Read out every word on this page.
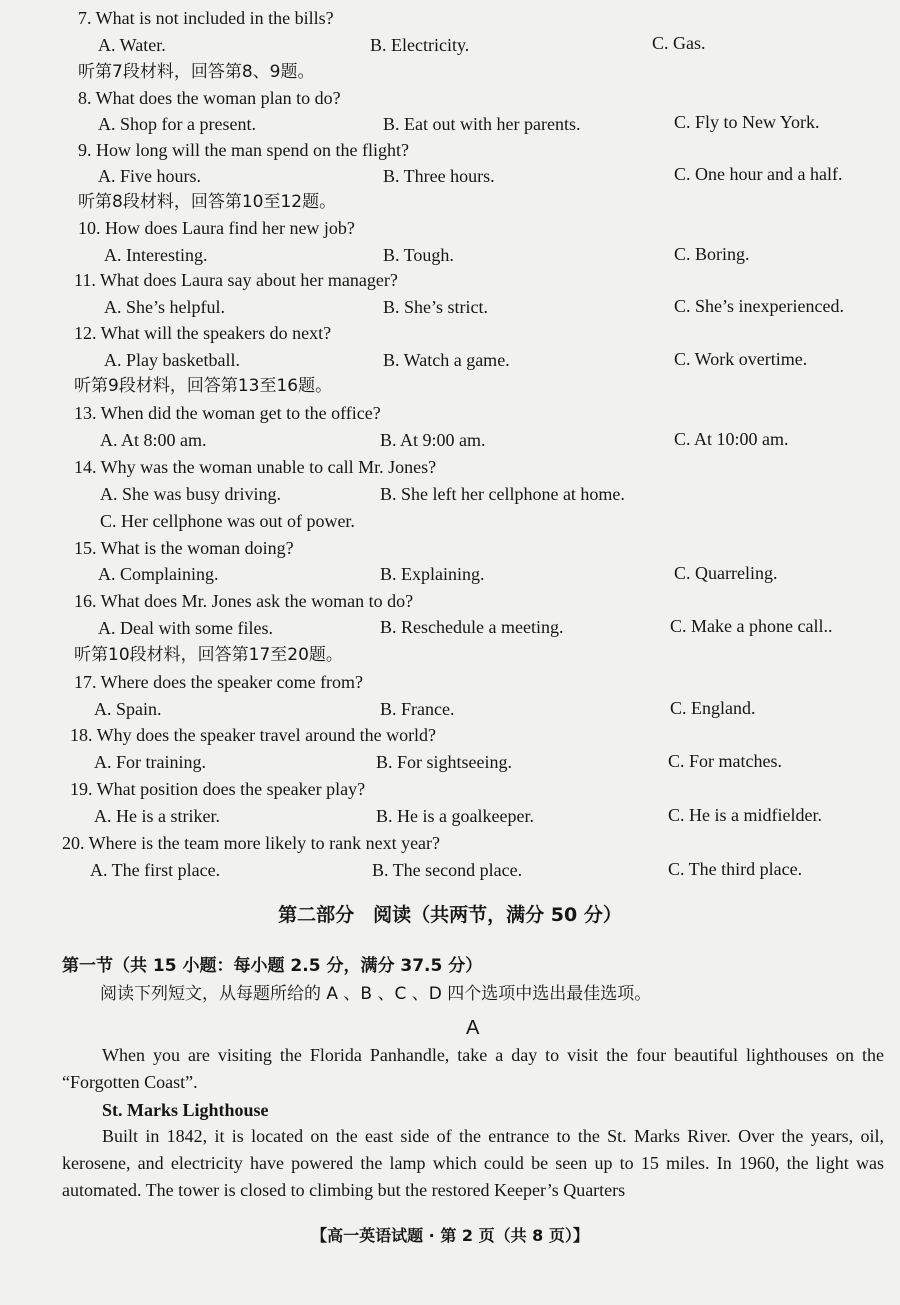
7. What is not included in the bills?
A. Water.	B. Electricity.	C. Gas.
听第7段材料，回答第8、9题。
8. What does the woman plan to do?
A. Shop for a present.	B. Eat out with her parents.	C. Fly to New York.
9. How long will the man spend on the flight?
A. Five hours.	B. Three hours.	C. One hour and a half.
听第8段材料，回答第10至12题。
10. How does Laura find her new job?
A. Interesting.	B. Tough.	C. Boring.
11. What does Laura say about her manager?
A. She’s helpful.	B. She’s strict.	C. She’s inexperienced.
12. What will the speakers do next?
A. Play basketball.	B. Watch a game.	C. Work overtime.
听第9段材料，回答第13至16题。
13. When did the woman get to the office?
A. At 8:00 am.	B. At 9:00 am.	C. At 10:00 am.
14. Why was the woman unable to call Mr. Jones?
A. She was busy driving.	B. She left her cellphone at home.
C. Her cellphone was out of power.
15. What is the woman doing?
A. Complaining.	B. Explaining.	C. Quarreling.
16. What does Mr. Jones ask the woman to do?
A. Deal with some files.	B. Reschedule a meeting.	C. Make a phone call..
听第10段材料，回答第17至20题。
17. Where does the speaker come from?
A. Spain.	B. France.	C. England.
18. Why does the speaker travel around the world?
A. For training.	B. For sightseeing.	C. For matches.
19. What position does the speaker play?
A. He is a striker.	B. He is a goalkeeper.	C. He is a midfielder.
20. Where is the team more likely to rank next year?
A. The first place.	B. The second place.	C. The third place.
第二部分　阅读（共两节，满分 50 分）
第一节（共 15 小题：每小题 2.5 分，满分 37.5 分）
阅读下列短文，从每题所给的 A 、B 、C 、D 四个选项中选出最佳选项。
A
When you are visiting the Florida Panhandle, take a day to visit the four beautiful lighthouses on the “Forgotten Coast”.
St. Marks Lighthouse
Built in 1842, it is located on the east side of the entrance to the St. Marks River. Over the years, oil, kerosene, and electricity have powered the lamp which could be seen up to 15 miles. In 1960, the light was automated. The tower is closed to climbing but the restored Keeper’s Quarters
【高一英语试题 · 第 2 页（共 8 页）】
